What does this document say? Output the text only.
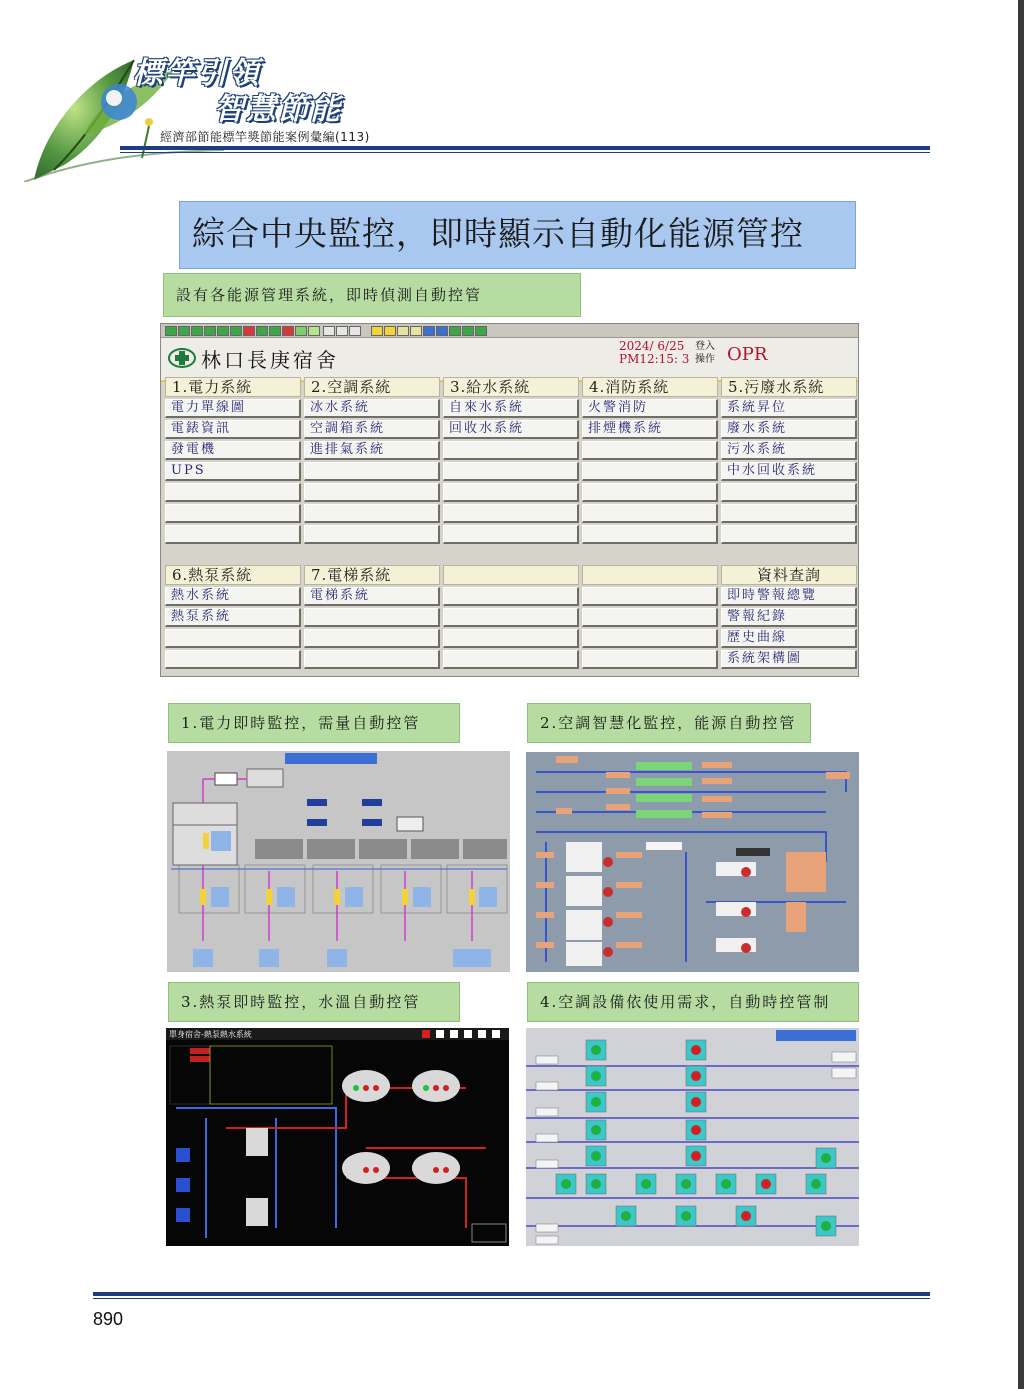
標竿引領
智慧節能
經濟部節能標竿獎節能案例彙編(113)
綜合中央監控，即時顯示自動化能源管控
設有各能源管理系統，即時偵測自動控管
林口長庚宿舍
2024/ 6/25
PM12:15: 3
登入
操作 OPR
1.電力系統
電力單線圖
電錶資訊
發電機
UPS
2.空調系統
冰水系統
空調箱系統
進排氣系統
3.給水系統
自來水系統
回收水系統
4.消防系統
火警消防
排煙機系統
5.污廢水系統
系統昇位
廢水系統
污水系統
中水回收系統
6.熱泵系統
熱水系統
熱泵系統
7.電梯系統
電梯系統
資料查詢
即時警報總覽
警報紀錄
歷史曲線
系統架構圖
1.電力即時監控，需量自動控管	2.空調智慧化監控，能源自動控管
3.熱泵即時監控，水溫自動控管	4.空調設備依使用需求，自動時控管制
單身宿舍-熱泵熱水系統
890
